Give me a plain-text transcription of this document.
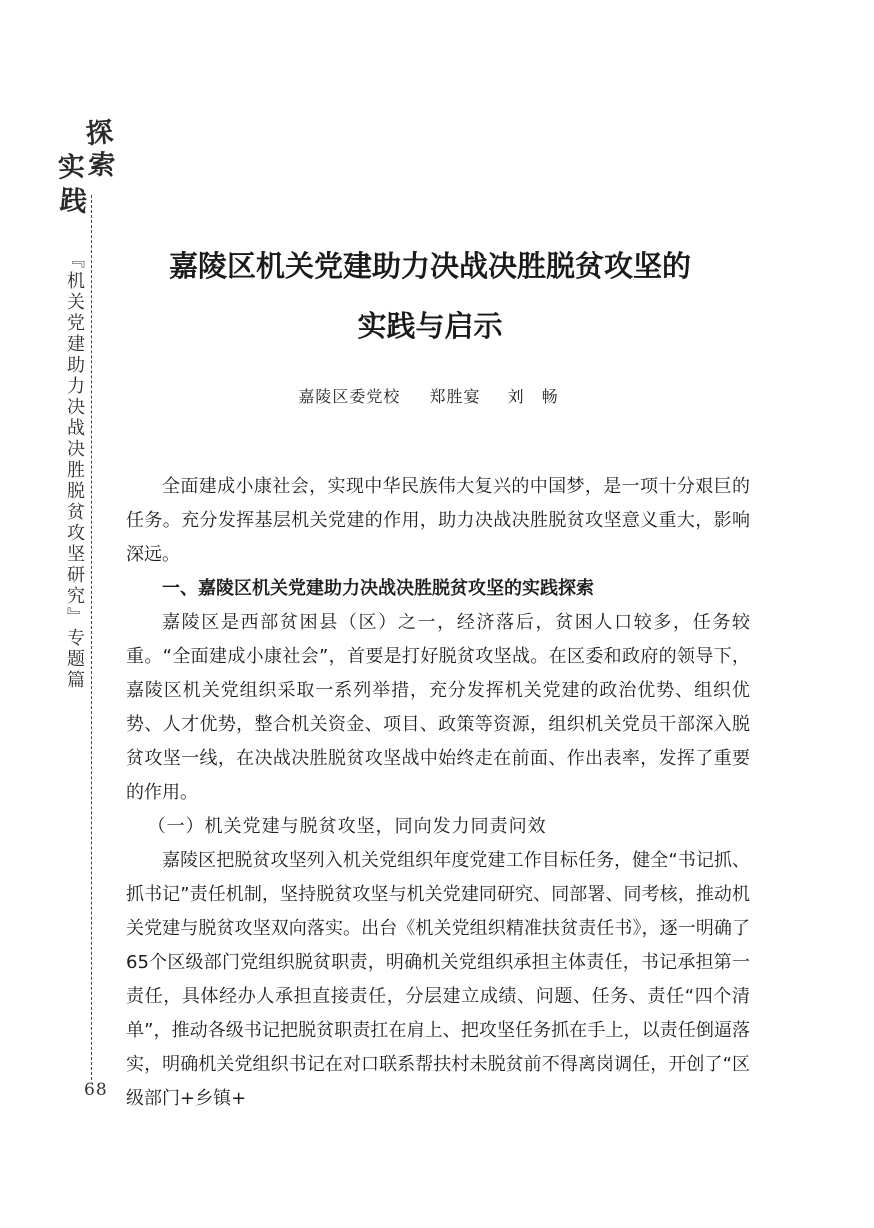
探
索
实
践
『机关党建助力决战决胜脱贫攻坚研究』专题篇
68
嘉陵区机关党建助力决战决胜脱贫攻坚的
实践与启示
嘉陵区委党校 郑胜宴 刘畅

全面建成小康社会，实现中华民族伟大复兴的中国梦，是一项十分艰巨的任务。充分发挥基层机关党建的作用，助力决战决胜脱贫攻坚意义重大，影响深远。

一、嘉陵区机关党建助力决战决胜脱贫攻坚的实践探索

嘉陵区是西部贫困县（区）之一，经济落后，贫困人口较多，任务较重。“全面建成小康社会”，首要是打好脱贫攻坚战。在区委和政府的领导下，嘉陵区机关党组织采取一系列举措，充分发挥机关党建的政治优势、组织优势、人才优势，整合机关资金、项目、政策等资源，组织机关党员干部深入脱贫攻坚一线，在决战决胜脱贫攻坚战中始终走在前面、作出表率，发挥了重要的作用。

（一）机关党建与脱贫攻坚，同向发力同责问效

嘉陵区把脱贫攻坚列入机关党组织年度党建工作目标任务，健全“书记抓、抓书记”责任机制，坚持脱贫攻坚与机关党建同研究、同部署、同考核，推动机关党建与脱贫攻坚双向落实。出台《机关党组织精准扶贫责任书》，逐一明确了65个区级部门党组织脱贫职责，明确机关党组织承担主体责任，书记承担第一责任，具体经办人承担直接责任，分层建立成绩、问题、任务、责任“四个清单”，推动各级书记把脱贫职责扛在肩上、把攻坚任务抓在手上，以责任倒逼落实，明确机关党组织书记在对口联系帮扶村未脱贫前不得离岗调任，开创了“区级部门+乡镇+
